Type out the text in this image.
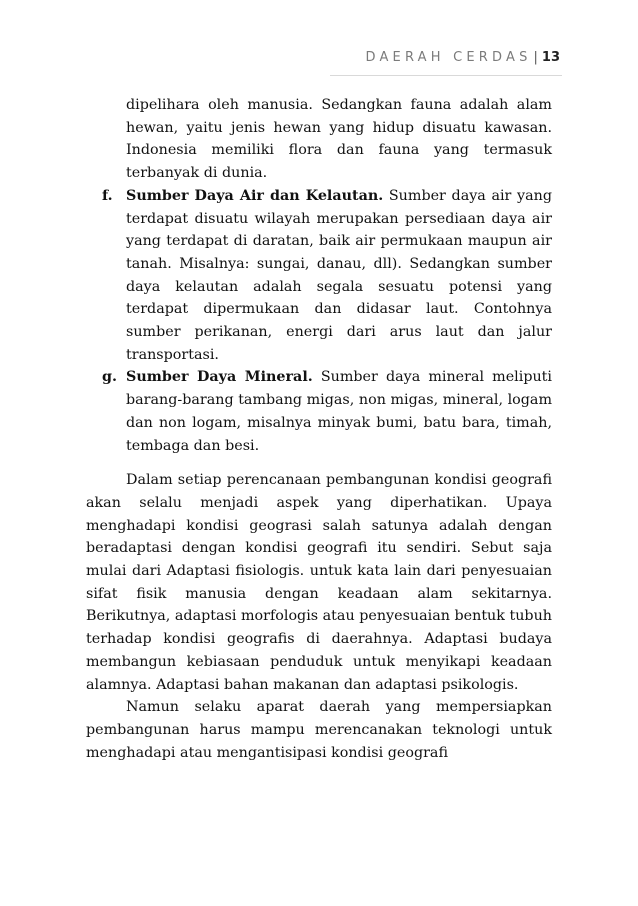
DAERAH CERDAS | 13
dipelihara oleh manusia. Sedangkan fauna adalah alam hewan, yaitu jenis hewan yang hidup disuatu kawasan. Indonesia memiliki flora dan fauna yang termasuk terbanyak di dunia.
f. Sumber Daya Air dan Kelautan. Sumber daya air yang terdapat disuatu wilayah merupakan persediaan daya air yang terdapat di daratan, baik air permukaan maupun air tanah. Misalnya: sungai, danau, dll). Sedangkan sumber daya kelautan adalah segala sesuatu potensi yang terdapat dipermukaan dan didasar laut. Contohnya sumber perikanan, energi dari arus laut dan jalur transportasi.
g. Sumber Daya Mineral. Sumber daya mineral meliputi barang-barang tambang migas, non migas, mineral, logam dan non logam, misalnya minyak bumi, batu bara, timah, tembaga dan besi.

Dalam setiap perencanaan pembangunan kondisi geografi akan selalu menjadi aspek yang diperhatikan. Upaya menghadapi kondisi geograsi salah satunya adalah dengan beradaptasi dengan kondisi geografi itu sendiri. Sebut saja mulai dari Adaptasi fisiologis. untuk kata lain dari penyesuaian sifat fisik manusia dengan keadaan alam sekitarnya. Berikutnya, adaptasi morfologis atau penyesuaian bentuk tubuh terhadap kondisi geografis di daerahnya. Adaptasi budaya membangun kebiasaan penduduk untuk menyikapi keadaan alamnya. Adaptasi bahan makanan dan adaptasi psikologis.

Namun selaku aparat daerah yang mempersiapkan pembangunan harus mampu merencanakan teknologi untuk menghadapi atau mengantisipasi kondisi geografi
